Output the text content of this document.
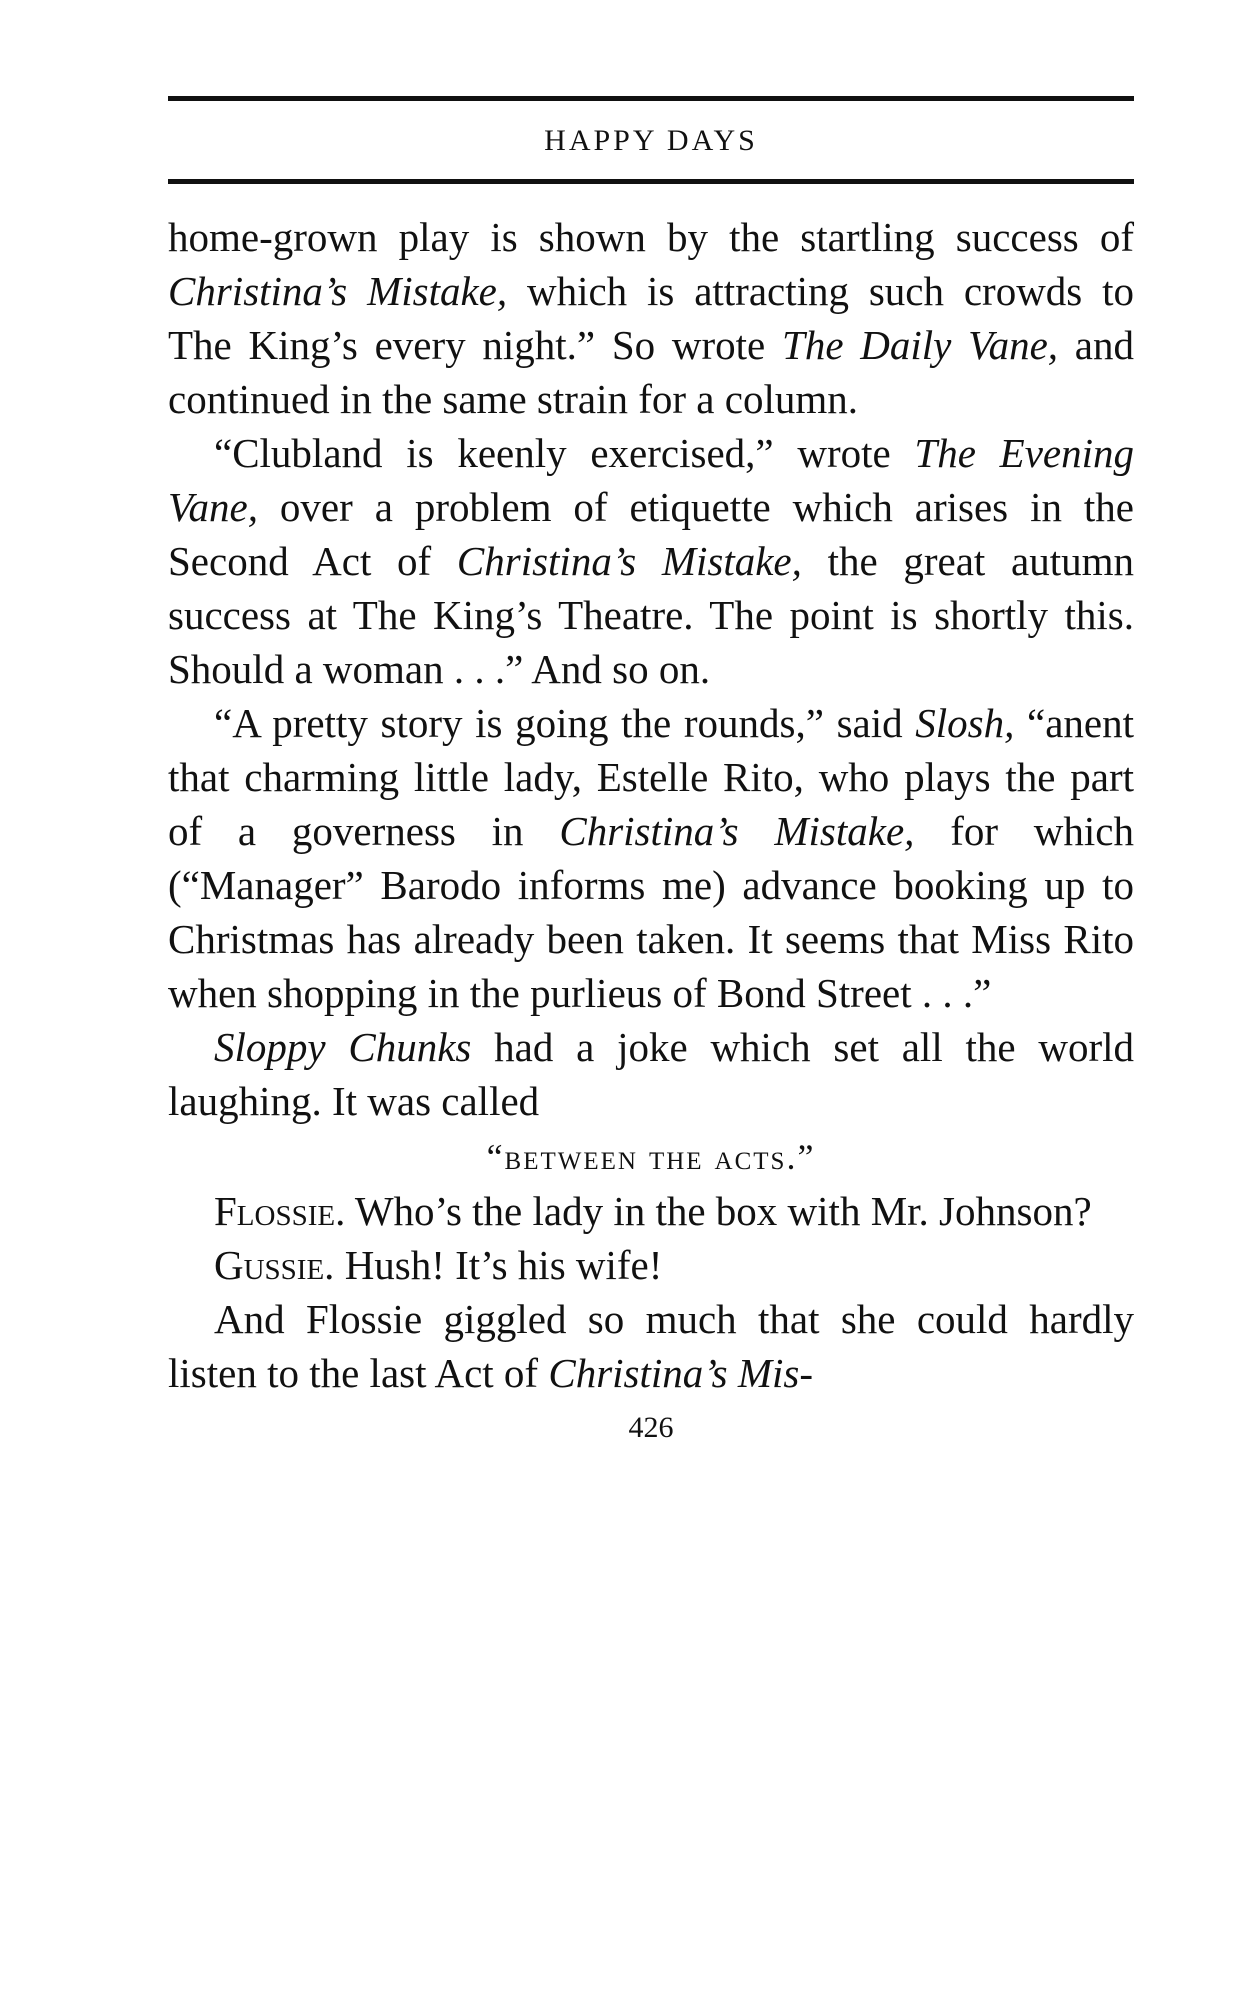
HAPPY DAYS

home-grown play is shown by the startling success of Christina’s Mistake, which is attracting such crowds to The King’s every night.” So wrote The Daily Vane, and continued in the same strain for a column.

“Clubland is keenly exercised,” wrote The Evening Vane, over a problem of etiquette which arises in the Second Act of Christina’s Mistake, the great autumn success at The King’s Theatre. The point is shortly this. Should a woman . . .” And so on.

“A pretty story is going the rounds,” said Slosh, “anent that charming little lady, Estelle Rito, who plays the part of a governess in Christina’s Mistake, for which (“Manager” Barodo informs me) advance booking up to Christmas has already been taken. It seems that Miss Rito when shopping in the purlieus of Bond Street . . .”

Sloppy Chunks had a joke which set all the world laughing. It was called

“between the acts.”

Flossie. Who’s the lady in the box with Mr. Johnson?

Gussie. Hush! It’s his wife!

And Flossie giggled so much that she could hardly listen to the last Act of Christina’s Mis-

426
